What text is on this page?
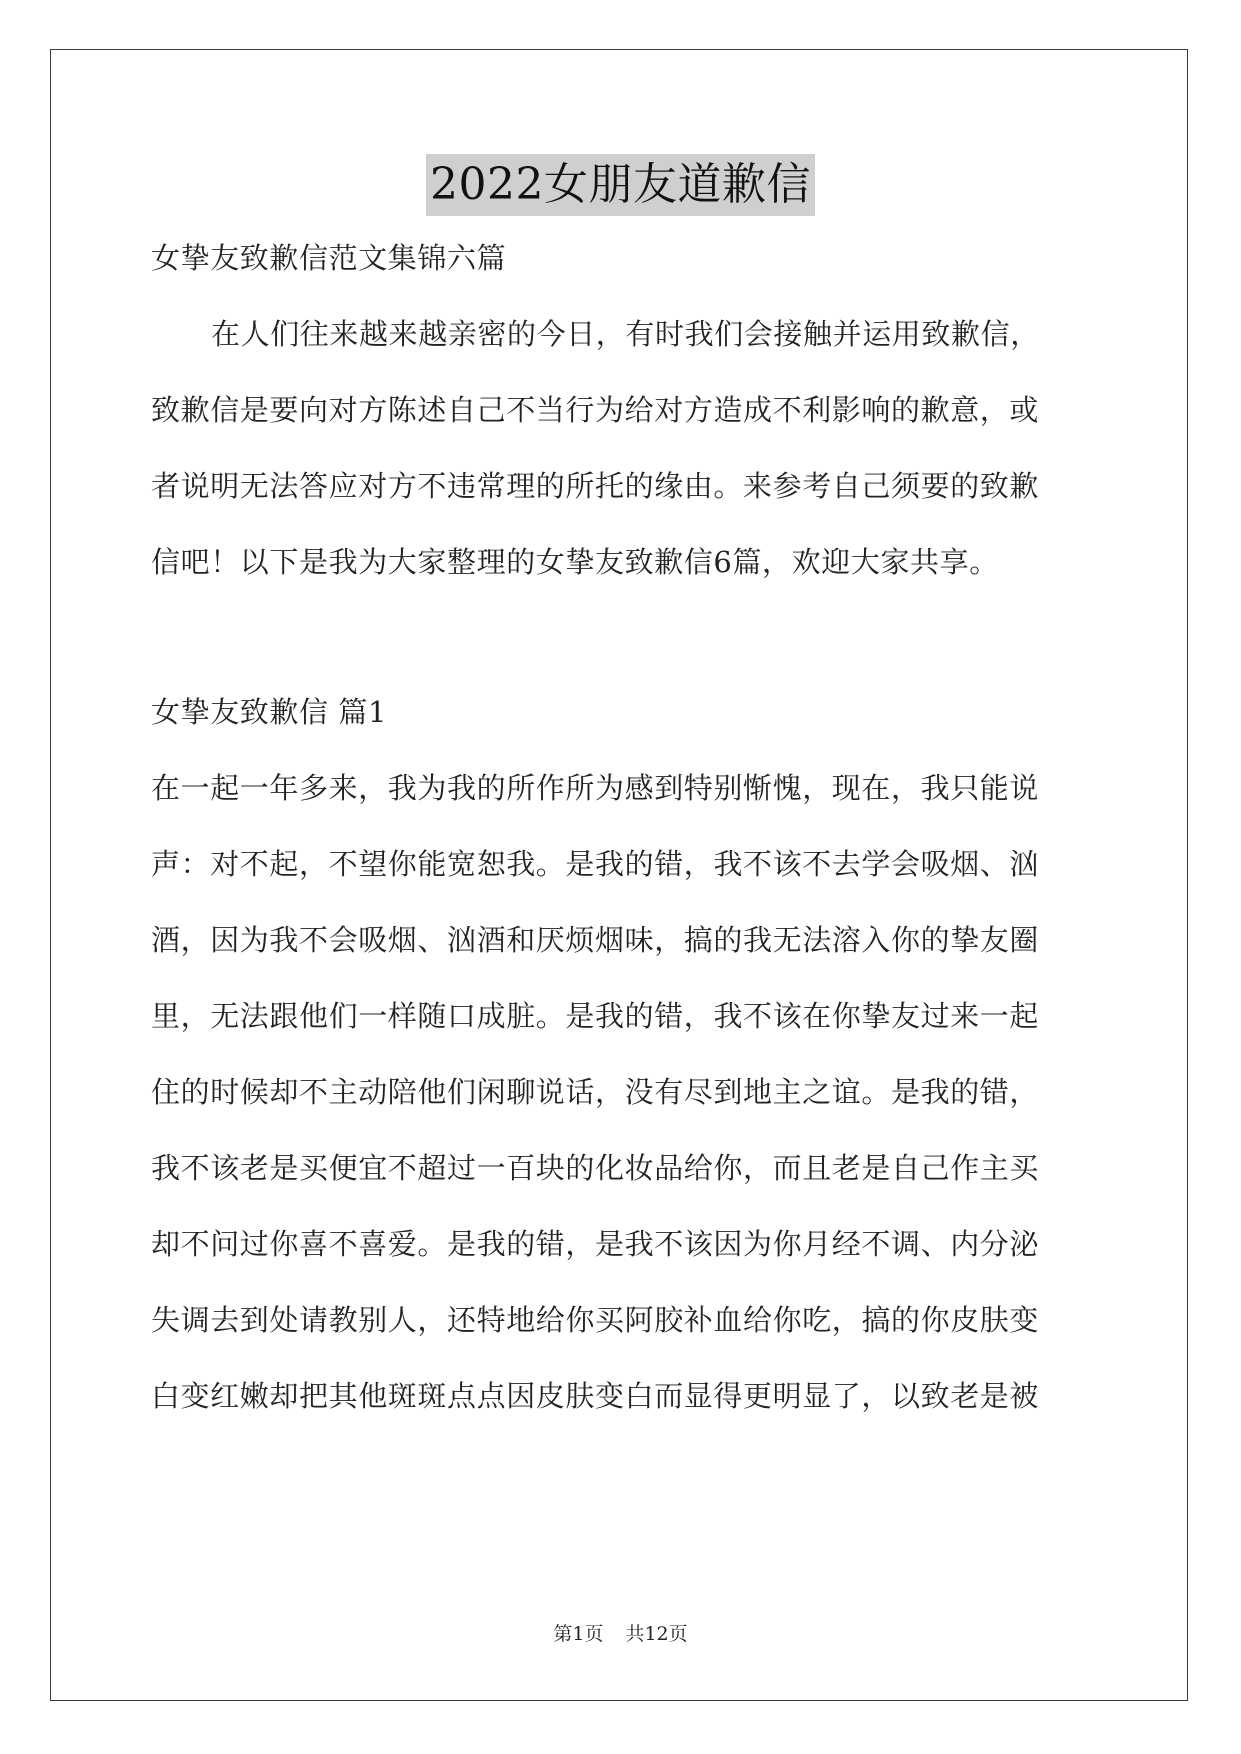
2022女朋友道歉信
女挚友致歉信范文集锦六篇
在人们往来越来越亲密的今日，有时我们会接触并运用致歉信，
致歉信是要向对方陈述自己不当行为给对方造成不利影响的歉意，或
者说明无法答应对方不违常理的所托的缘由。来参考自己须要的致歉
信吧！以下是我为大家整理的女挚友致歉信6篇，欢迎大家共享。
女挚友致歉信 篇1
在一起一年多来，我为我的所作所为感到特别惭愧，现在，我只能说
声：对不起，不望你能宽恕我。是我的错，我不该不去学会吸烟、汹
酒，因为我不会吸烟、汹酒和厌烦烟味，搞的我无法溶入你的挚友圈
里，无法跟他们一样随口成脏。是我的错，我不该在你挚友过来一起
住的时候却不主动陪他们闲聊说话，没有尽到地主之谊。是我的错，
我不该老是买便宜不超过一百块的化妆品给你，而且老是自己作主买
却不问过你喜不喜爱。是我的错，是我不该因为你月经不调、内分泌
失调去到处请教别人，还特地给你买阿胶补血给你吃，搞的你皮肤变
白变红嫩却把其他斑斑点点因皮肤变白而显得更明显了，以致老是被
第1页 共12页
